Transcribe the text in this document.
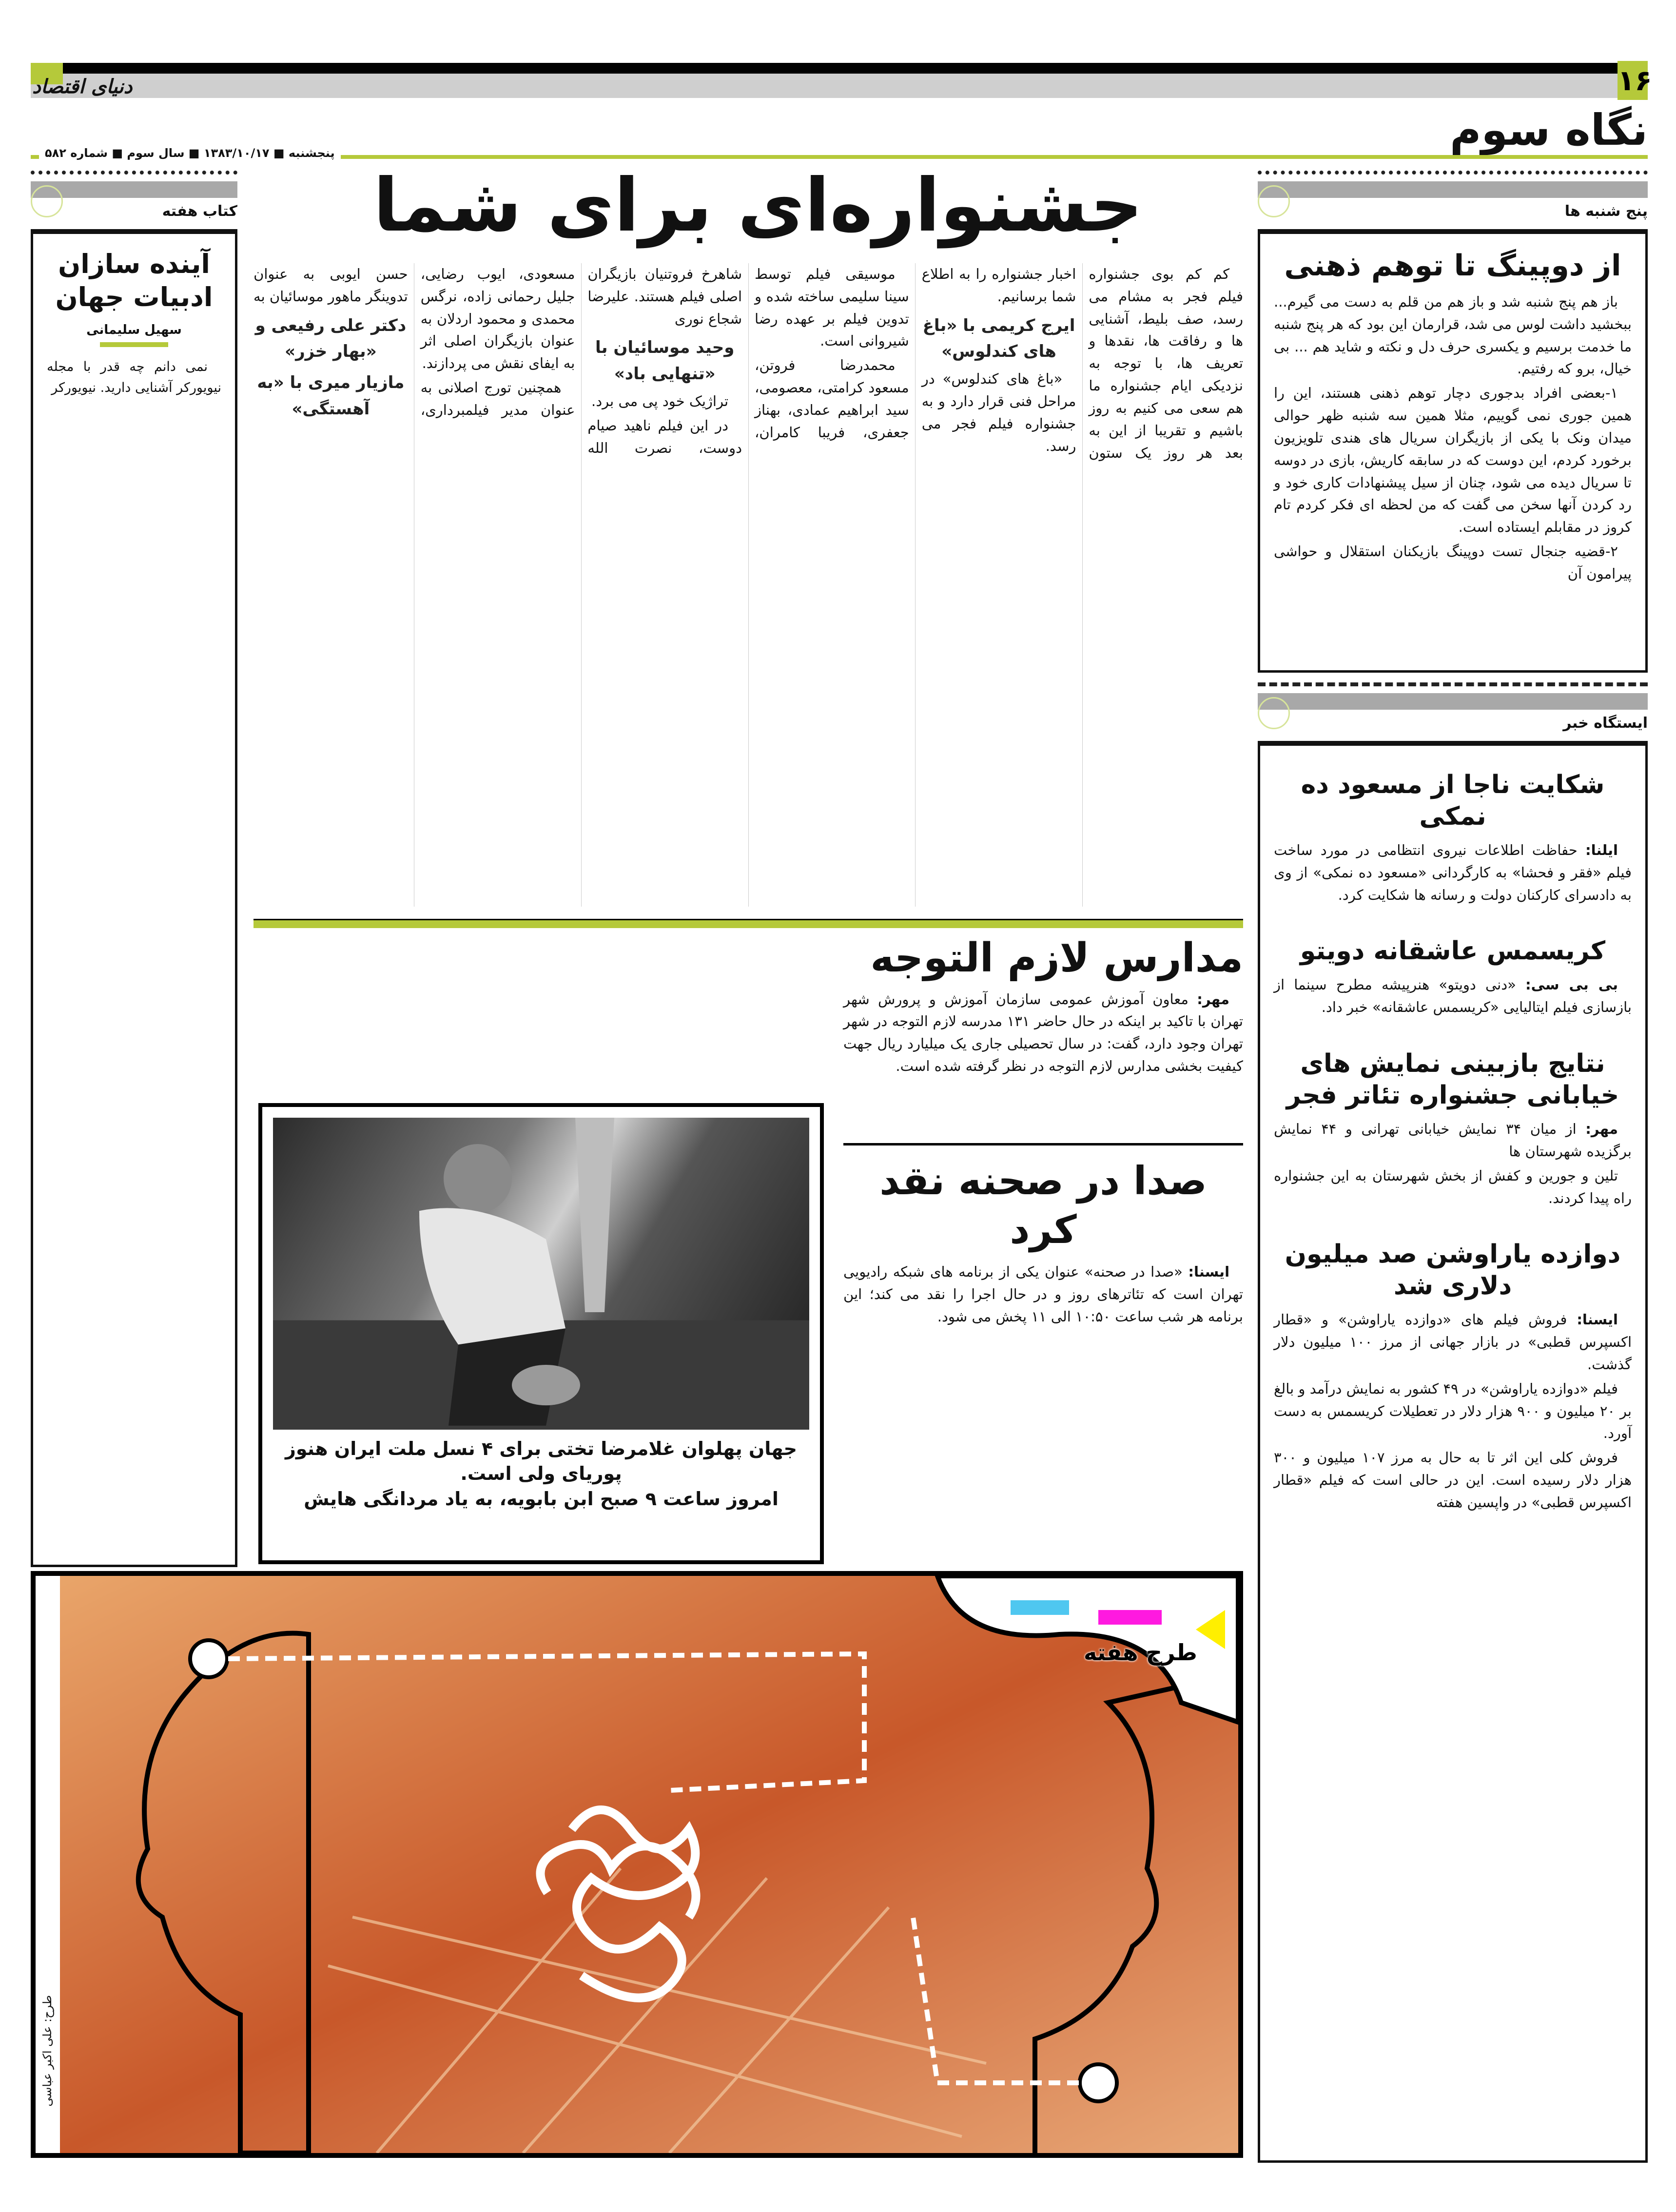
دنیای اقتصاد	۱۶
نگاه سوم
پنجشنبه ■ ۱۳۸۳/۱۰/۱۷ ■ سال سوم ■ شماره ۵۸۲
پنج شنبه ها
از دوپینگ تا توهم ذهنی

باز هم پنج شنبه شد و باز هم من قلم به دست می گیرم... ببخشید داشت لوس می شد، قرارمان این بود که هر پنج شنبه ما خدمت برسیم و یکسری حرف دل و نکته و شاید هم ... بی خیال، برو که رفتیم.

۱-بعضی افراد بدجوری دچار توهم ذهنی هستند، این را همین جوری نمی گوییم، مثلا همین سه شنبه ظهر حوالی میدان ونک با یکی از بازیگران سریال های هندی تلویزیون برخورد کردم، این دوست که در سابقه کاریش، بازی در دوسه تا سریال دیده می شود، چنان از سیل پیشنهادات کاری خود و رد کردن آنها سخن می گفت که من لحظه ای فکر کردم تام کروز در مقابلم ایستاده است.

۲-قضیه جنجال تست دوپینگ بازیکنان استقلال و حواشی پیرامون آن

ایستگاه خبر
شکایت ناجا از مسعود ده نمکی

ایلنا: حفاظت اطلاعات نیروی انتظامی در مورد ساخت فیلم «فقر و فحشا» به کارگردانی «مسعود ده نمکی» از وی به دادسرای کارکنان دولت و رسانه ها شکایت کرد.

کریسمس عاشقانه دویتو

بی بی سی: «دنی دویتو» هنرپیشه مطرح سینما از بازسازی فیلم ایتالیایی «کریسمس عاشقانه» خبر داد.

نتایج بازبینی نمایش های خیابانی جشنواره تئاتر فجر

مهر: از میان ۳۴ نمایش خیابانی تهرانی و ۴۴ نمایش برگزیده شهرستان ها

تلین و جورین و کفش از بخش شهرستان به این جشنواره راه پیدا کردند.

دوازده یاراوشن صد میلیون دلاری شد

ایسنا: فروش فیلم های «دوازده یاراوشن» و «قطار اکسپرس قطبی» در بازار جهانی از مرز ۱۰۰ میلیون دلار گذشت.

فیلم «دوازده یاراوشن» در ۴۹ کشور به نمایش درآمد و بالغ بر ۲۰ میلیون و ۹۰۰ هزار دلار در تعطیلات کریسمس به دست آورد.

فروش کلی این اثر تا به حال به مرز ۱۰۷ میلیون و ۳۰۰ هزار دلار رسیده است. این در حالی است که فیلم «قطار اکسپرس قطبی» در واپسین هفته

کتاب هفته
آینده سازان ادبیات جهان
سهیل سلیمانی

نمی دانم چه قدر با مجله نیویورکر آشنایی دارید. نیویورکر

جشنواره‌ای برای شما

کم کم بوی جشنواره فیلم فجر به مشام می رسد، صف بلیط، آشنایی ها و رفاقت ها، نقدها و تعریف ها، با توجه به نزدیکی ایام جشنواره ما هم سعی می کنیم به روز باشیم و تقریبا از این به بعد هر روز یک ستون اخبار جشنواره را به اطلاع شما برسانیم.

ایرج کریمی با «باغ های کندلوس»

«باغ های کندلوس» در مراحل فنی قرار دارد و به جشنواره فیلم فجر می رسد.

موسیقی فیلم توسط سینا سلیمی ساخته شده و تدوین فیلم بر عهده رضا شیروانی است.

محمدرضا فروتن، مسعود کرامتی، معصومی، سید ابراهیم عمادی، بهناز جعفری، فریبا کامران، شاهرخ فروتنیان بازیگران اصلی فیلم هستند. علیرضا شجاع نوری

وحید موسائیان با «تنهایی باد»

تراژیک خود پی می برد.

در این فیلم ناهید صیام دوست، نصرت الله مسعودی، ایوب رضایی، جلیل رحمانی زاده، نرگس محمدی و محمود اردلان به عنوان بازیگران اصلی اثر به ایفای نقش می پردازند.

همچنین تورج اصلانی به عنوان مدیر فیلمبرداری، حسن ایوبی به عنوان تدوینگر ماهور موسائیان به

دکتر علی رفیعی و «بهار خزر»
مازیار میری با «به آهستگی»
مدارس لازم التوجه

مهر: معاون آموزش عمومی سازمان آموزش و پرورش شهر تهران با تاکید بر اینکه در حال حاضر ۱۳۱ مدرسه لازم التوجه در شهر تهران وجود دارد، گفت: در سال تحصیلی جاری یک میلیارد ریال جهت کیفیت بخشی مدارس لازم التوجه در نظر گرفته شده است.

صدا در صحنه نقد کرد

ایسنا: «صدا در صحنه» عنوان یکی از برنامه های شبکه رادیویی تهران است که تئاترهای روز و در حال اجرا را نقد می کند؛ این برنامه هر شب ساعت ۱۰:۵۰ الی ۱۱ پخش می شود.

جهان پهلوان غلامرضا تختی برای ۴ نسل ملت ایران هنوز پوریای ولی است.
امروز ساعت ۹ صبح ابن بابویه، به یاد مردانگی هایش
طرح هفته
طرح: علی اکبر عباسی
